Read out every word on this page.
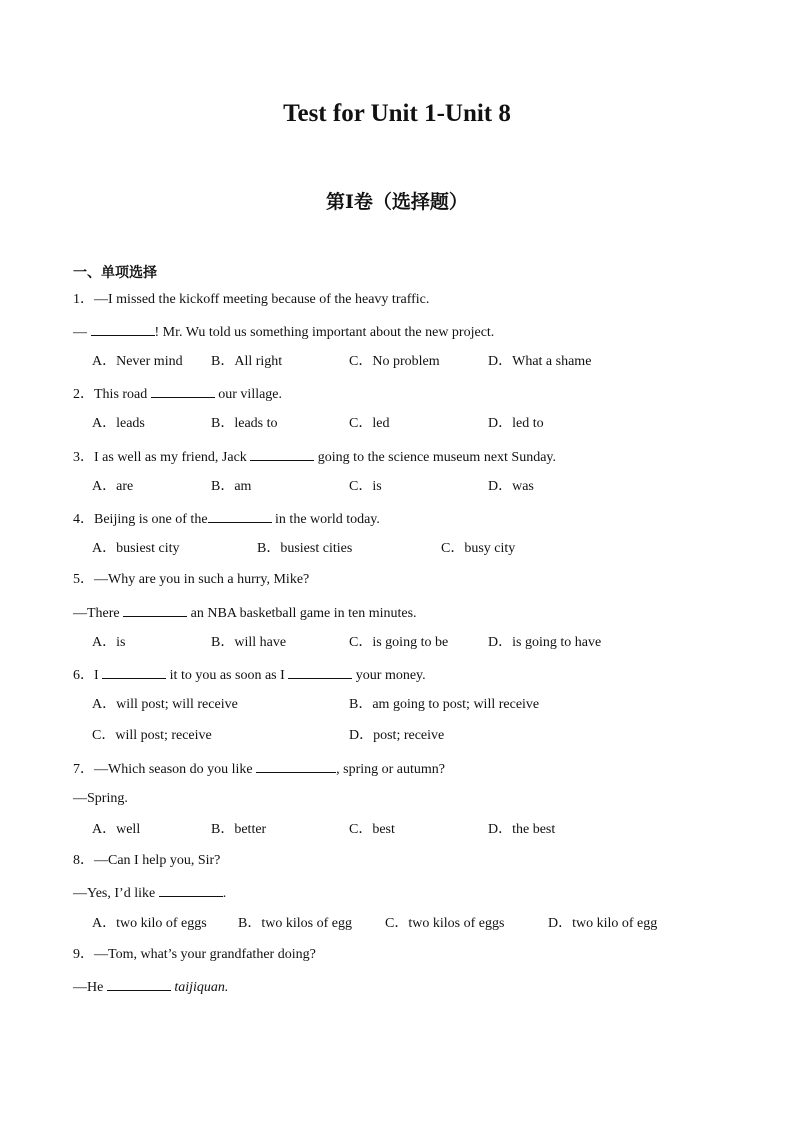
Test for Unit 1-Unit 8
第Ⅰ卷（选择题）
一、单项选择
1．—I missed the kickoff meeting because of the heavy traffic.
—	! Mr. Wu told us something important about the new project.
A．Never mind B．All right	C．No problem	D．What a shame
2．This road	our village.
A．leads	B．leads to	C．led	D．led to
3．I as well as my friend, Jack	going to the science museum next Sunday.
A．are	B．am	C．is	D．was
4．Beijing is one of the	in the world today.
A．busiest city	B．busiest cities	C．busy city
5．—Why are you in such a hurry, Mike?
—There	an NBA basketball game in ten minutes.
A．is	B．will have	C．is going to be	D．is going to have
6．I	it to you as soon as I	your money.
A．will post; will receive	B．am going to post; will receive
C．will post; receive	D．post; receive
7．—Which season do you like	, spring or autumn?
—Spring.
A．well	B．better	C．best	D．the best
8．—Can I help you, Sir?
—Yes, I’d like	.
A．two kilo of eggs B．two kilos of egg C．two kilos of eggs	D．two kilo of egg
9．—Tom, what’s your grandfather doing?
—He	taijiquan.
